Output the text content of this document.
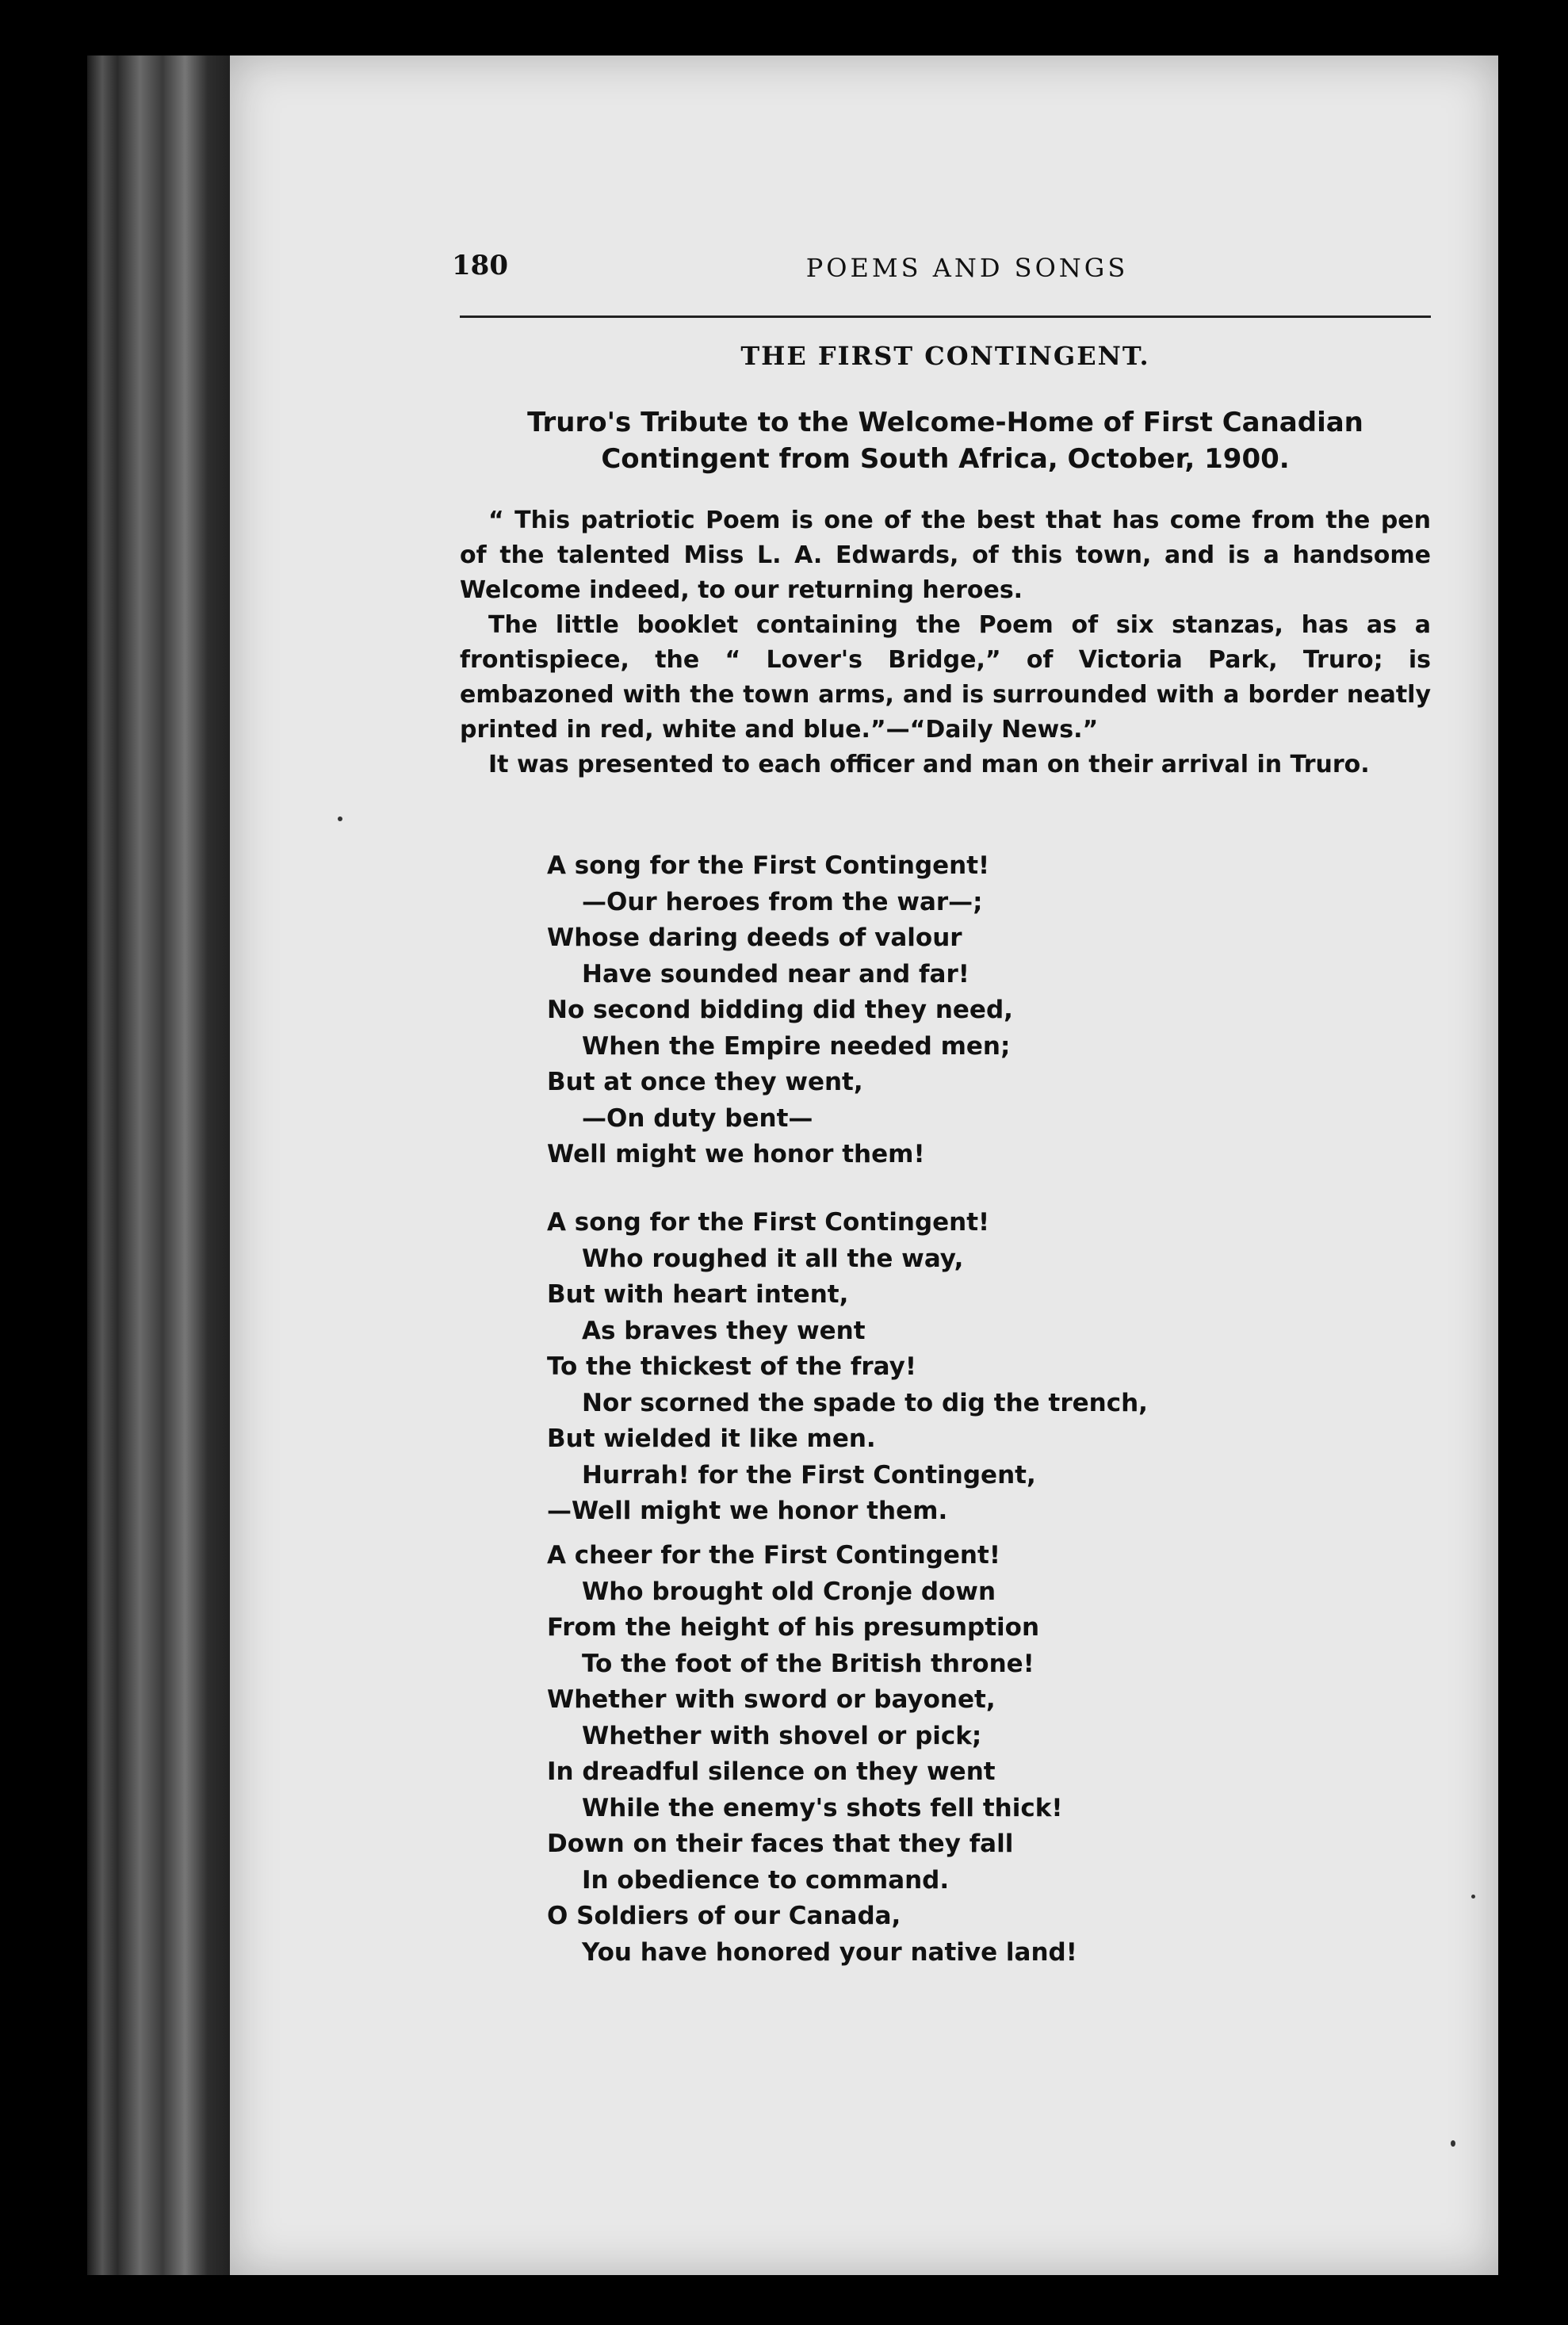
180	POEMS AND SONGS
THE FIRST CONTINGENT.
Truro's Tribute to the Welcome-Home of First Canadian Contingent from South Africa, October, 1900.

“ This patriotic Poem is one of the best that has come from the pen of the talented Miss L. A. Edwards, of this town, and is a handsome Welcome indeed, to our returning heroes.

The little booklet containing the Poem of six stanzas, has as a frontispiece, the “ Lover's Bridge,” of Victoria Park, Truro; is embazoned with the town arms, and is surrounded with a border neatly printed in red, white and blue.”—“Daily News.”

It was presented to each officer and man on their arrival in Truro.

A song for the First Contingent!
—Our heroes from the war—;
Whose daring deeds of valour
Have sounded near and far!
No second bidding did they need,
When the Empire needed men;
But at once they went,
—On duty bent—
Well might we honor them!
A song for the First Contingent!
Who roughed it all the way,
But with heart intent,
As braves they went
To the thickest of the fray!
Nor scorned the spade to dig the trench,
But wielded it like men.
Hurrah! for the First Contingent,
—Well might we honor them.
A cheer for the First Contingent!
Who brought old Cronje down
From the height of his presumption
To the foot of the British throne!
Whether with sword or bayonet,
Whether with shovel or pick;
In dreadful silence on they went
While the enemy's shots fell thick!
Down on their faces that they fall
In obedience to command.
O Soldiers of our Canada,
You have honored your native land!
